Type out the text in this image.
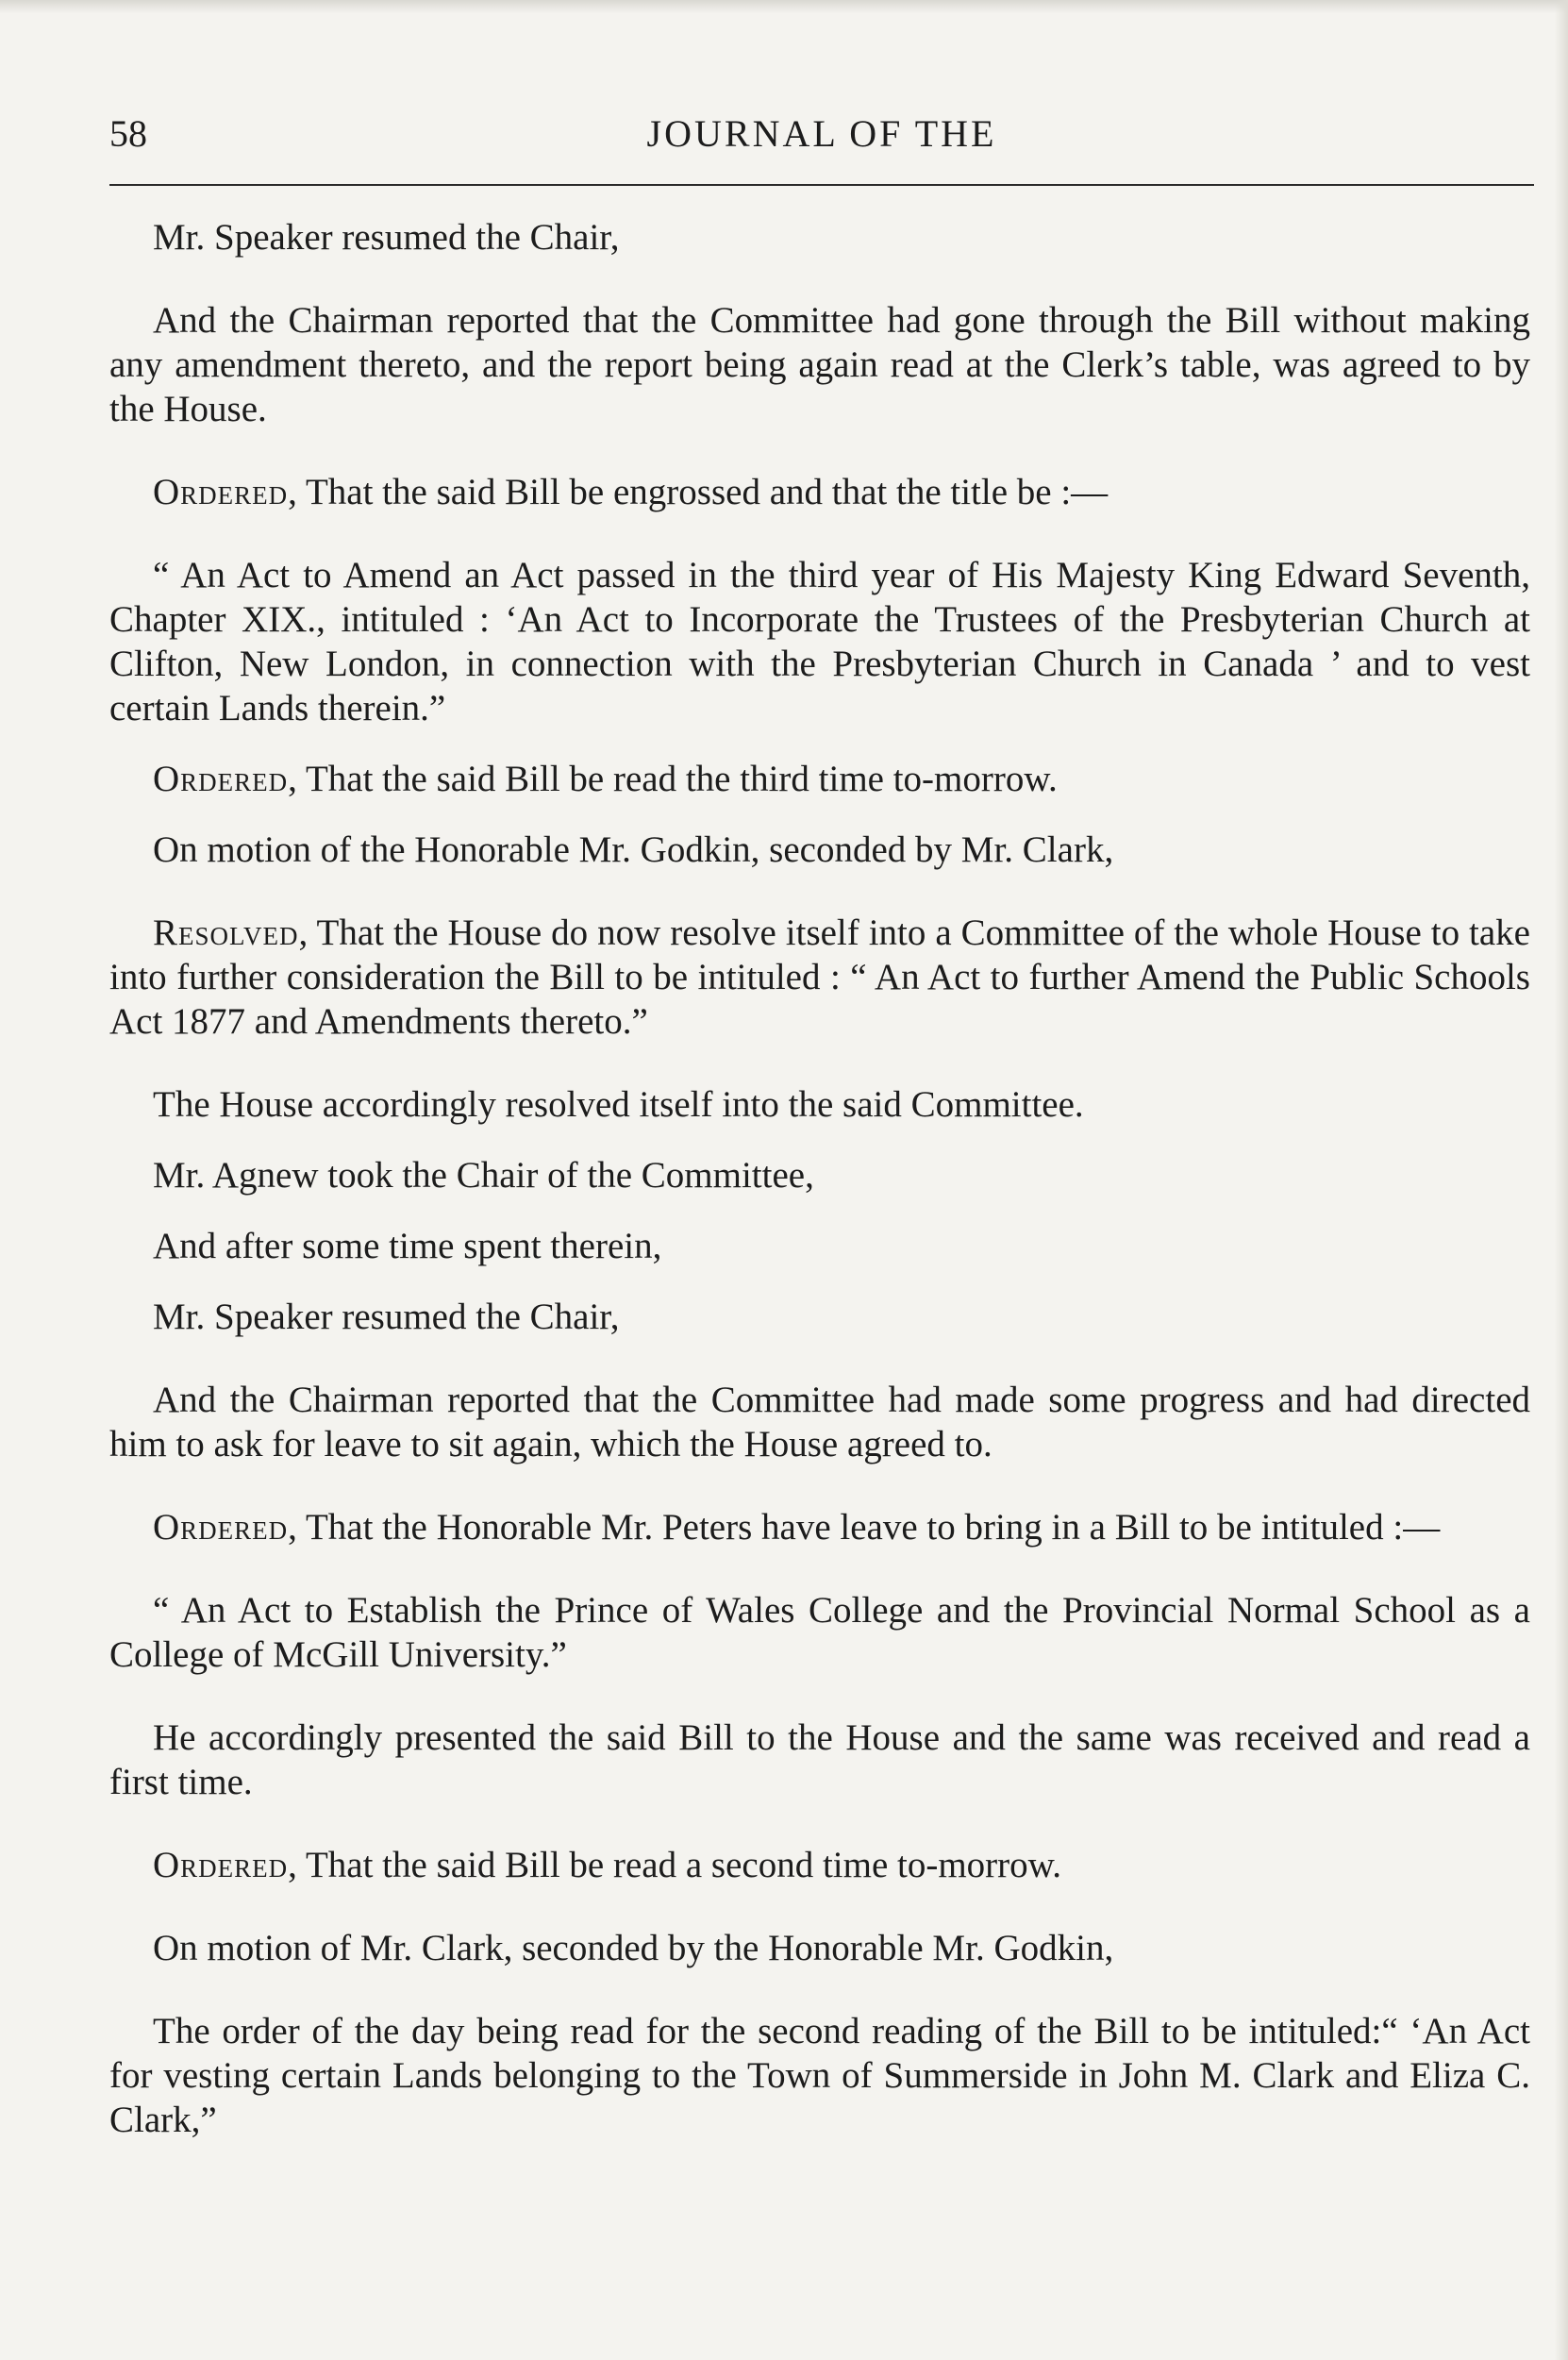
58	JOURNAL OF THE

Mr. Speaker resumed the Chair,

And the Chairman reported that the Committee had gone through the Bill without making any amendment thereto, and the report being again read at the Clerk’s table, was agreed to by the House.

Ordered, That the said Bill be engrossed and that the title be :—

“ An Act to Amend an Act passed in the third year of His Majesty King Edward Seventh, Chapter XIX., intituled : ‘An Act to Incorporate the Trustees of the Presbyterian Church at Clifton, New London, in connection with the Presbyterian Church in Canada ’ and to vest certain Lands therein.”

Ordered, That the said Bill be read the third time to-morrow.

On motion of the Honorable Mr. Godkin, seconded by Mr. Clark,

Resolved, That the House do now resolve itself into a Committee of the whole House to take into further consideration the Bill to be intituled : “ An Act to further Amend the Public Schools Act 1877 and Amendments thereto.”

The House accordingly resolved itself into the said Committee.

Mr. Agnew took the Chair of the Committee,

And after some time spent therein,

Mr. Speaker resumed the Chair,

And the Chairman reported that the Committee had made some progress and had directed him to ask for leave to sit again, which the House agreed to.

Ordered, That the Honorable Mr. Peters have leave to bring in a Bill to be intituled :—

“ An Act to Establish the Prince of Wales College and the Provincial Normal School as a College of McGill University.”

He accordingly presented the said Bill to the House and the same was received and read a first time.

Ordered, That the said Bill be read a second time to-morrow.

On motion of Mr. Clark, seconded by the Honorable Mr. Godkin,

The order of the day being read for the second reading of the Bill to be intituled:“ ‘An Act for vesting certain Lands belonging to the Town of Summerside in John M. Clark and Eliza C. Clark,”
